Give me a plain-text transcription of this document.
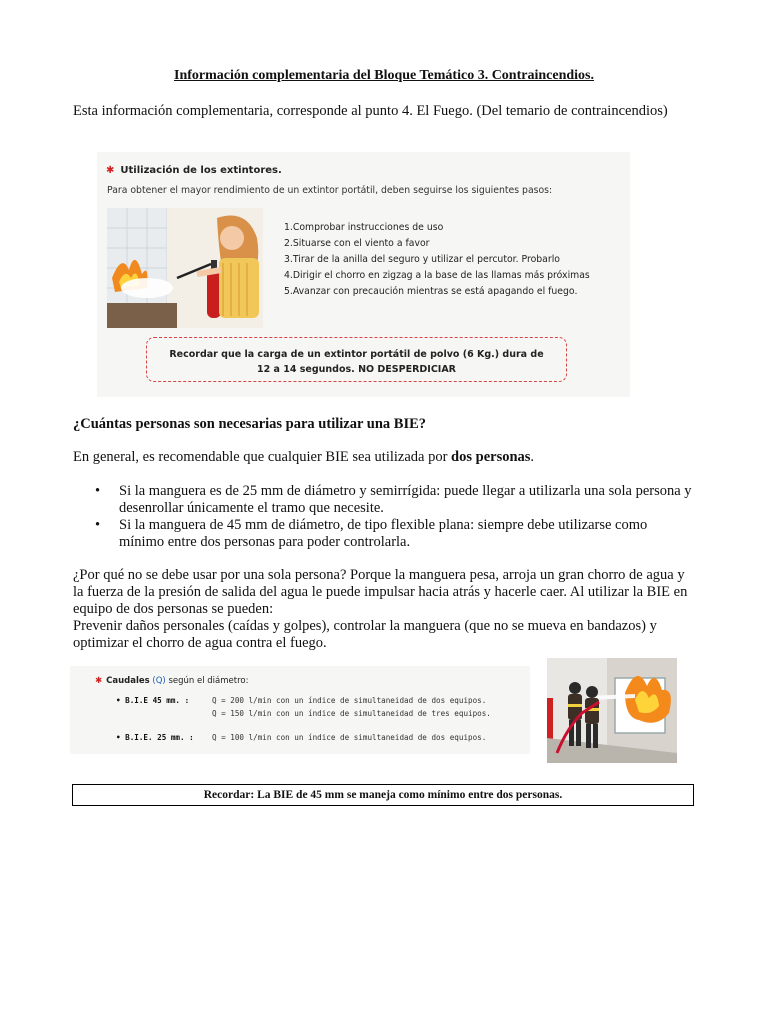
Información complementaria del Bloque Temático 3. Contraincendios.

Esta información complementaria, corresponde al punto 4. El Fuego. (Del temario de contraincendios)

✱ Utilización de los extintores.
Para obtener el mayor rendimiento de un extintor portátil, deben seguirse los siguientes pasos:
1.Comprobar instrucciones de uso
2.Situarse con el viento a favor
3.Tirar de la anilla del seguro y utilizar el percutor. Probarlo
4.Dirigir el chorro en zigzag a la base de las llamas más próximas
5.Avanzar con precaución mientras se está apagando el fuego.
Recordar que la carga de un extintor portátil de polvo (6 Kg.) dura de
12 a 14 segundos. NO DESPERDICIAR

¿Cuántas personas son necesarias para utilizar una BIE?

En general, es recomendable que cualquier BIE sea utilizada por dos personas.

• Si la manguera es de 25 mm de diámetro y semirrígida: puede llegar a utilizarla una sola persona y desenrollar únicamente el tramo que necesite.
• Si la manguera de 45 mm de diámetro, de tipo flexible plana: siempre debe utilizarse como mínimo entre dos personas para poder controlarla.

¿Por qué no se debe usar por una sola persona? Porque la manguera pesa, arroja un gran chorro de agua y la fuerza de la presión de salida del agua le puede impulsar hacia atrás y hacerle caer. Al utilizar la BIE en equipo de dos personas se pueden:
Prevenir daños personales (caídas y golpes), controlar la manguera (que no se mueva en bandazos) y optimizar el chorro de agua contra el fuego.

✱ Caudales (Q) según el diámetro:
• B.I.E 45 mm. :	Q = 200 l/min con un índice de simultaneidad de dos equipos.
Q = 150 l/min con un índice de simultaneidad de tres equipos.
• B.I.E. 25 mm. : Q = 100 l/min con un índice de simultaneidad de dos equipos.
Recordar: La BIE de 45 mm se maneja como mínimo entre dos personas.
